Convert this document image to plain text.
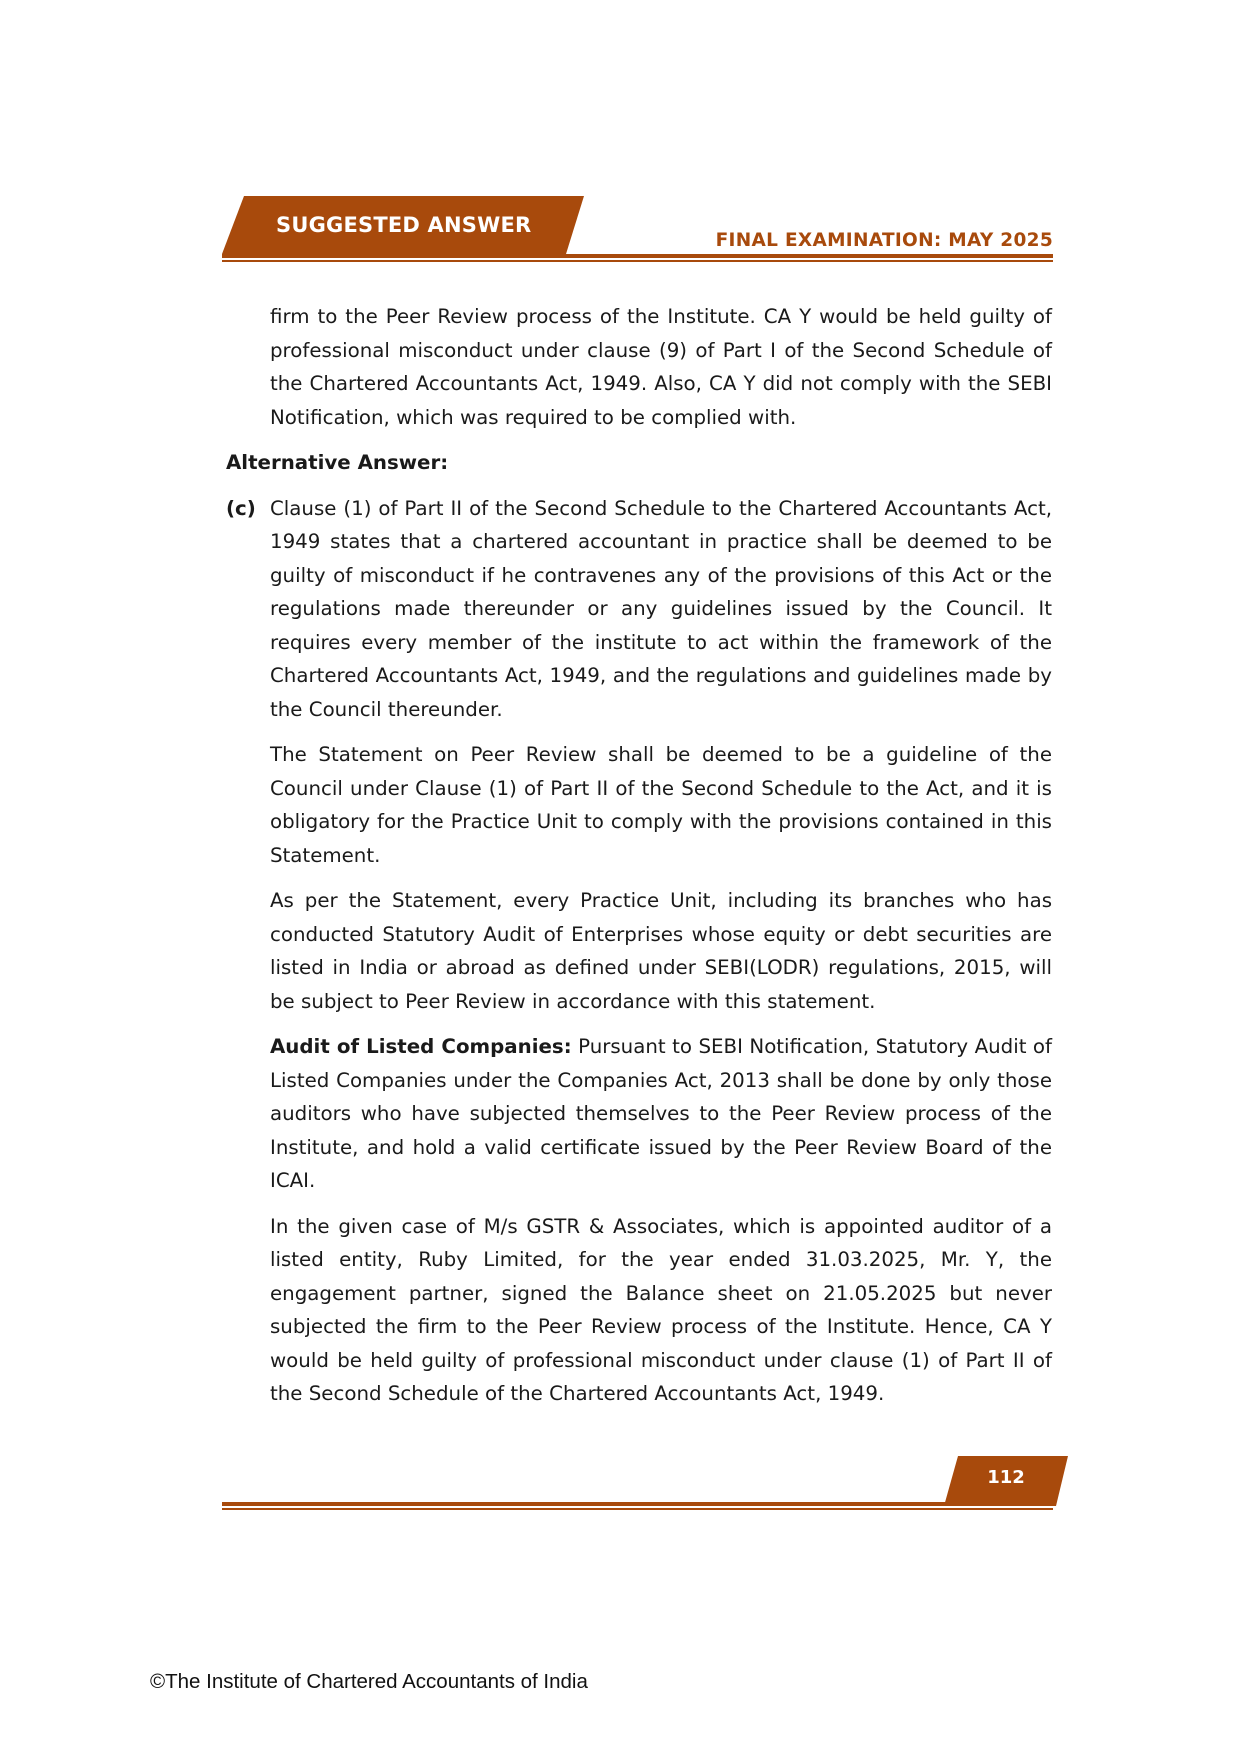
SUGGESTED ANSWER
FINAL EXAMINATION: MAY 2025

firm to the Peer Review process of the Institute. CA Y would be held guilty of professional misconduct under clause (9) of Part I of the Second Schedule of the Chartered Accountants Act, 1949. Also, CA Y did not comply with the SEBI Notification, which was required to be complied with.

Alternative Answer:

(c) Clause (1) of Part II of the Second Schedule to the Chartered Accountants Act, 1949 states that a chartered accountant in practice shall be deemed to be guilty of misconduct if he contravenes any of the provisions of this Act or the regulations made thereunder or any guidelines issued by the Council. It requires every member of the institute to act within the framework of the Chartered Accountants Act, 1949, and the regulations and guidelines made by the Council thereunder.

The Statement on Peer Review shall be deemed to be a guideline of the Council under Clause (1) of Part II of the Second Schedule to the Act, and it is obligatory for the Practice Unit to comply with the provisions contained in this Statement.

As per the Statement, every Practice Unit, including its branches who has conducted Statutory Audit of Enterprises whose equity or debt securities are listed in India or abroad as defined under SEBI(LODR) regulations, 2015, will be subject to Peer Review in accordance with this statement.

Audit of Listed Companies: Pursuant to SEBI Notification, Statutory Audit of Listed Companies under the Companies Act, 2013 shall be done by only those auditors who have subjected themselves to the Peer Review process of the Institute, and hold a valid certificate issued by the Peer Review Board of the ICAI.

In the given case of M/s GSTR & Associates, which is appointed auditor of a listed entity, Ruby Limited, for the year ended 31.03.2025, Mr. Y, the engagement partner, signed the Balance sheet on 21.05.2025 but never subjected the firm to the Peer Review process of the Institute. Hence, CA Y would be held guilty of professional misconduct under clause (1) of Part II of the Second Schedule of the Chartered Accountants Act, 1949.

112
©The Institute of Chartered Accountants of India
